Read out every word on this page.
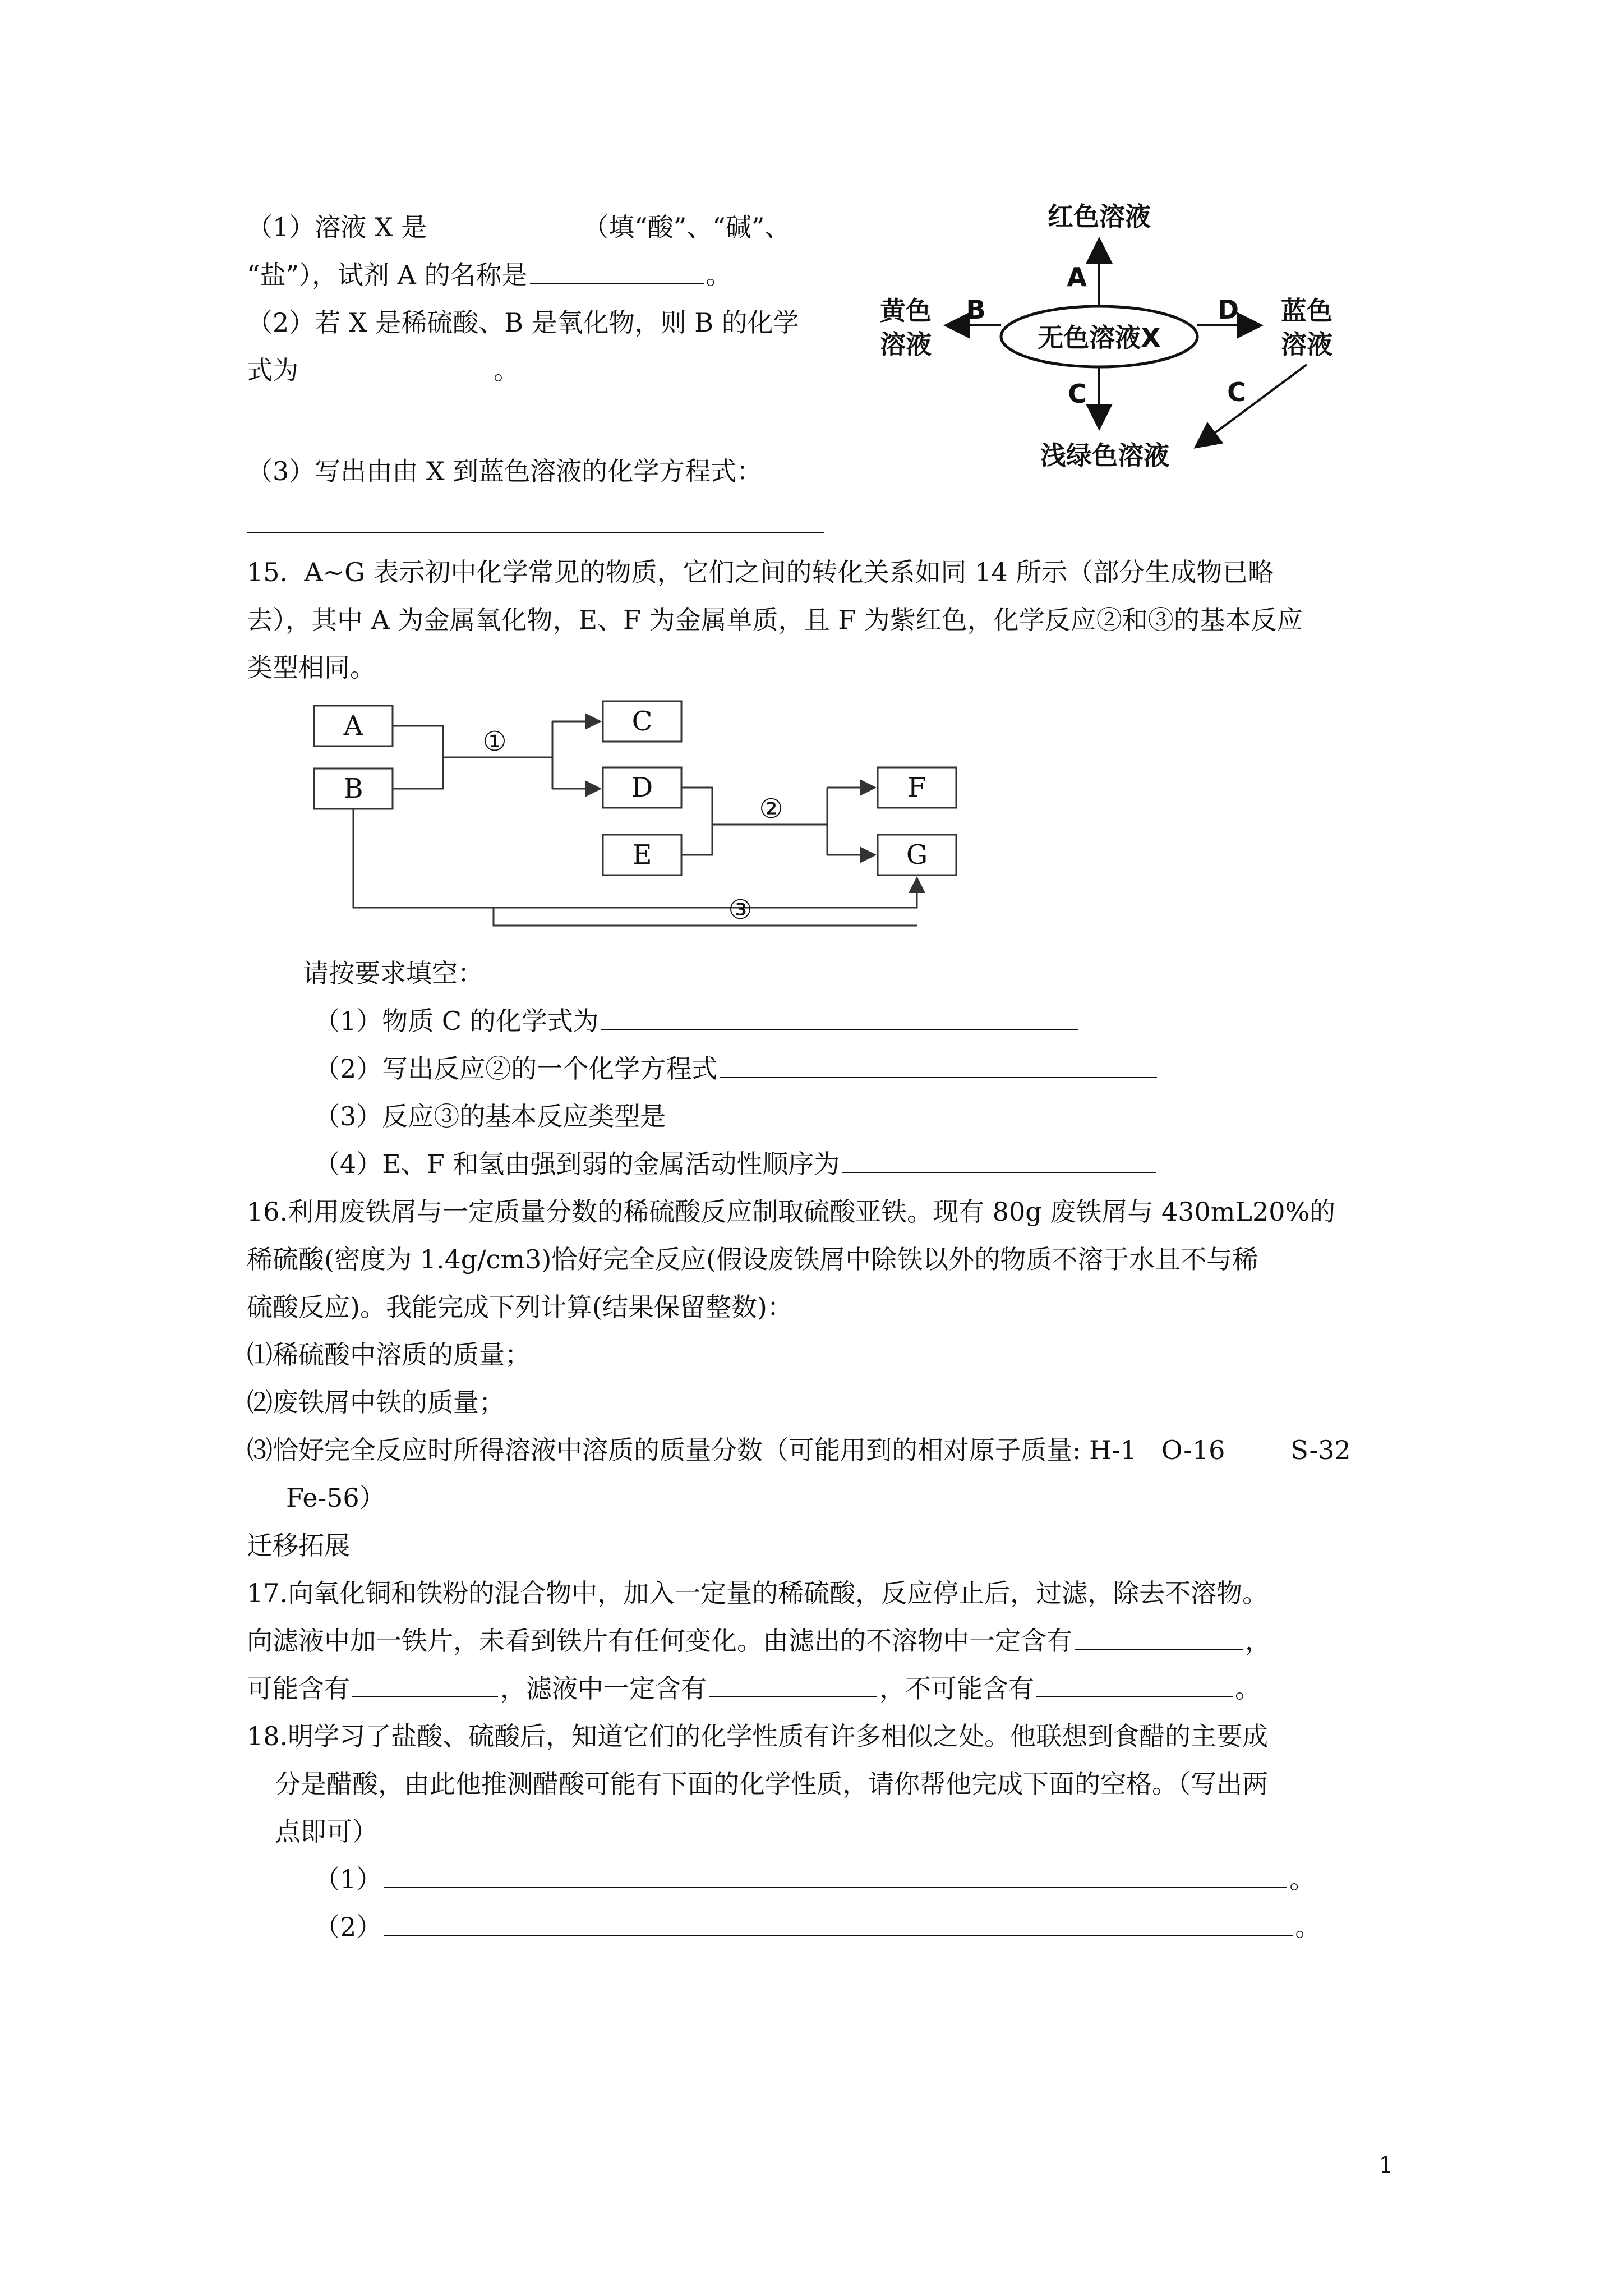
（1）溶液 X 是	（填“酸”、“碱”、
“盐”），试剂 A 的名称是	。
（2）若 X 是稀硫酸、B 是氧化物，则 B 的化学
式为	。
（3）写出由由 X 到蓝色溶液的化学方程式：
红色溶液
无色溶液X
A
B
黄色
溶液
D 蓝色
溶液
C	C
浅绿色溶液
15.  A~G 表示初中化学常见的物质，它们之间的转化关系如同 14 所示（部分生成物已略
去），其中 A 为金属氧化物，E、F 为金属单质，且 F 为紫红色，化学反应②和③的基本反应
类型相同。
A
B
C
D
E
F
G
①
②
③
请按要求填空：
（1）物质 C 的化学式为
（2）写出反应②的一个化学方程式
（3）反应③的基本反应类型是
（4）E、F 和氢由强到弱的金属活动性顺序为
16.利用废铁屑与一定质量分数的稀硫酸反应制取硫酸亚铁。现有 80g 废铁屑与 430mL20%的
稀硫酸(密度为 1.4g/cm3)恰好完全反应(假设废铁屑中除铁以外的物质不溶于水且不与稀
硫酸反应)。我能完成下列计算(结果保留整数)：
⑴稀硫酸中溶质的质量；
⑵废铁屑中铁的质量；
⑶恰好完全反应时所得溶液中溶质的质量分数（可能用到的相对原子质量: H-1   O-16        S-32
Fe-56）
迁移拓展
17.向氧化铜和铁粉的混合物中，加入一定量的稀硫酸，反应停止后，过滤，除去不溶物。
向滤液中加一铁片，未看到铁片有任何变化。由滤出的不溶物中一定含有	，
可能含有	，滤液中一定含有	，不可能含有	。
18.明学习了盐酸、硫酸后，知道它们的化学性质有许多相似之处。他联想到食醋的主要成
分是醋酸，由此他推测醋酸可能有下面的化学性质，请你帮他完成下面的空格。（写出两
点即可）
（1）	。
（2）	。
1
